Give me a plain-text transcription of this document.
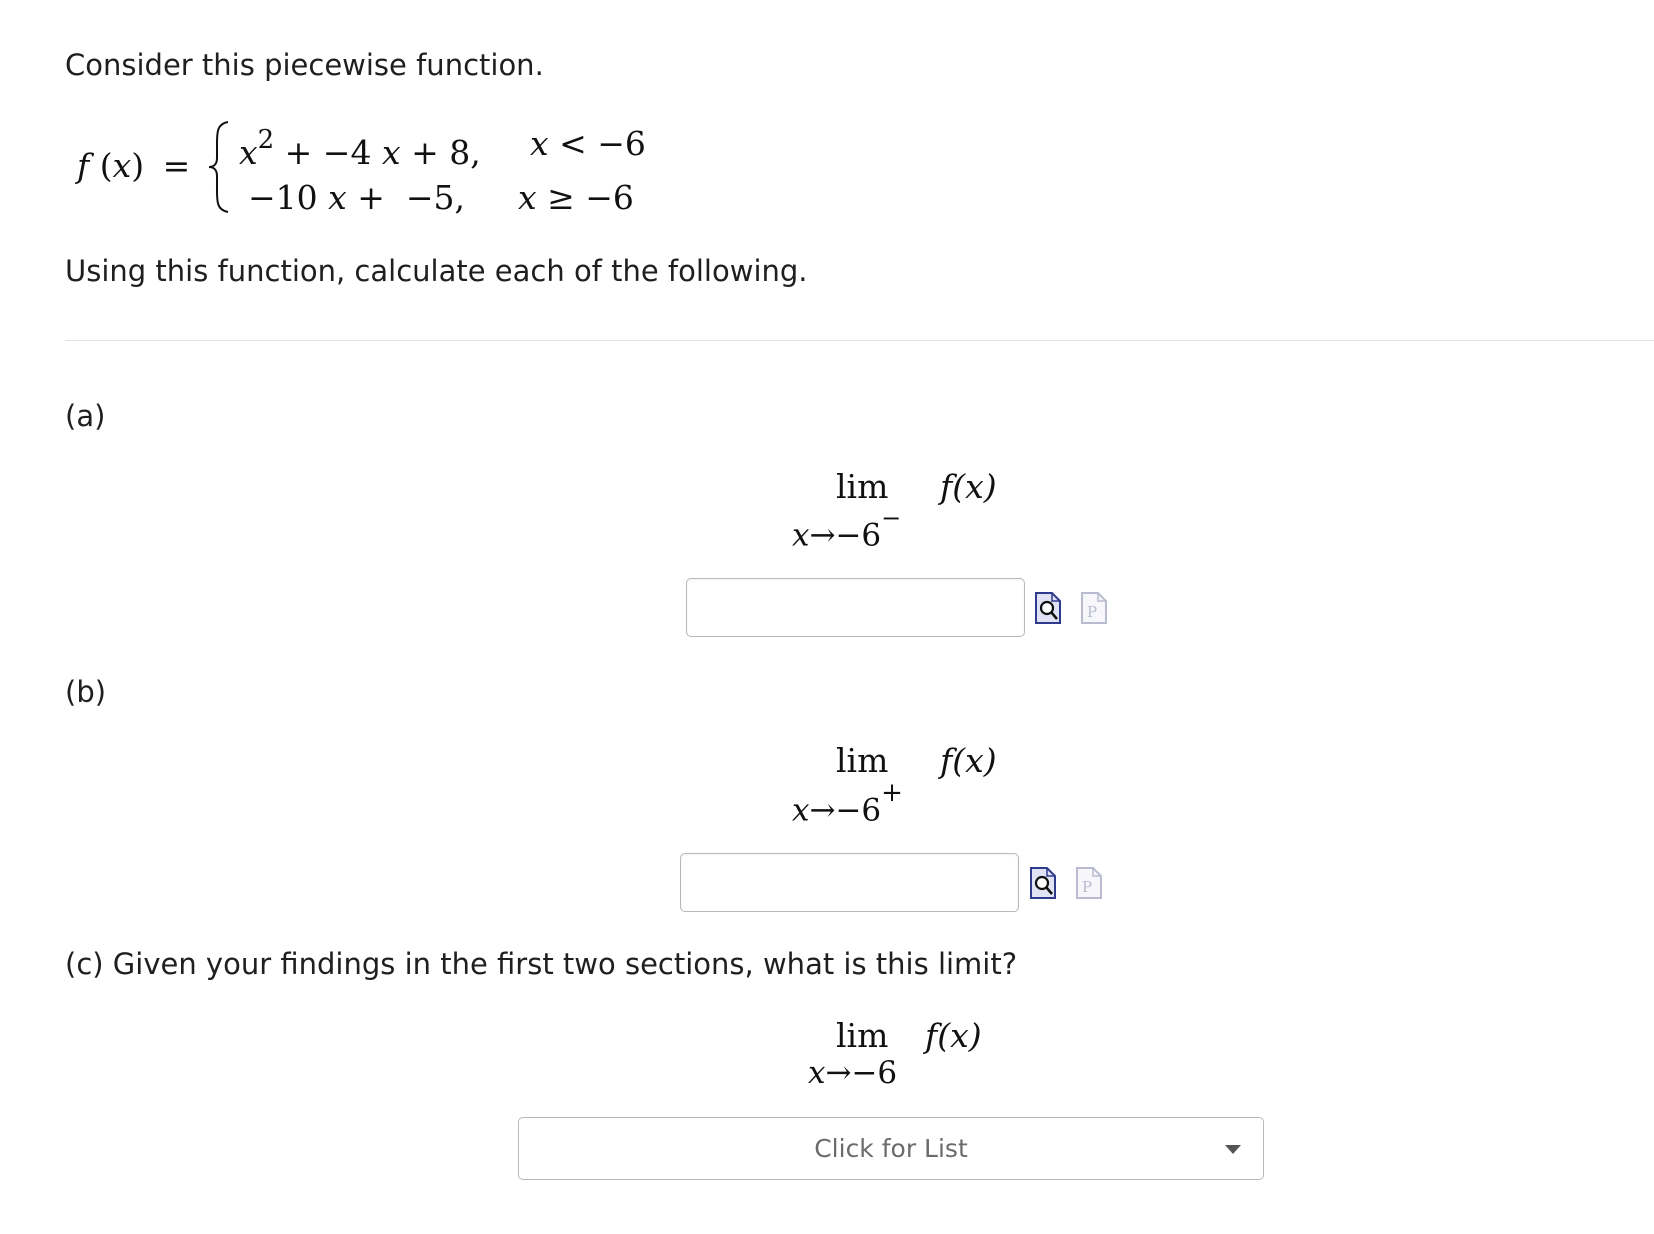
Consider this piecewise function.
f $(x) = x^2 + -4$ x + 8, x < −6
−10 x +  −5, x ≥ −6
Using this function, calculate each of the following.
(a)
lim f(x)
x→−6−
P
(b)
lim f(x)
x→−6+
P
(c) Given your findings in the first two sections, what is this limit?
lim f(x)
x→−6
Click for List
